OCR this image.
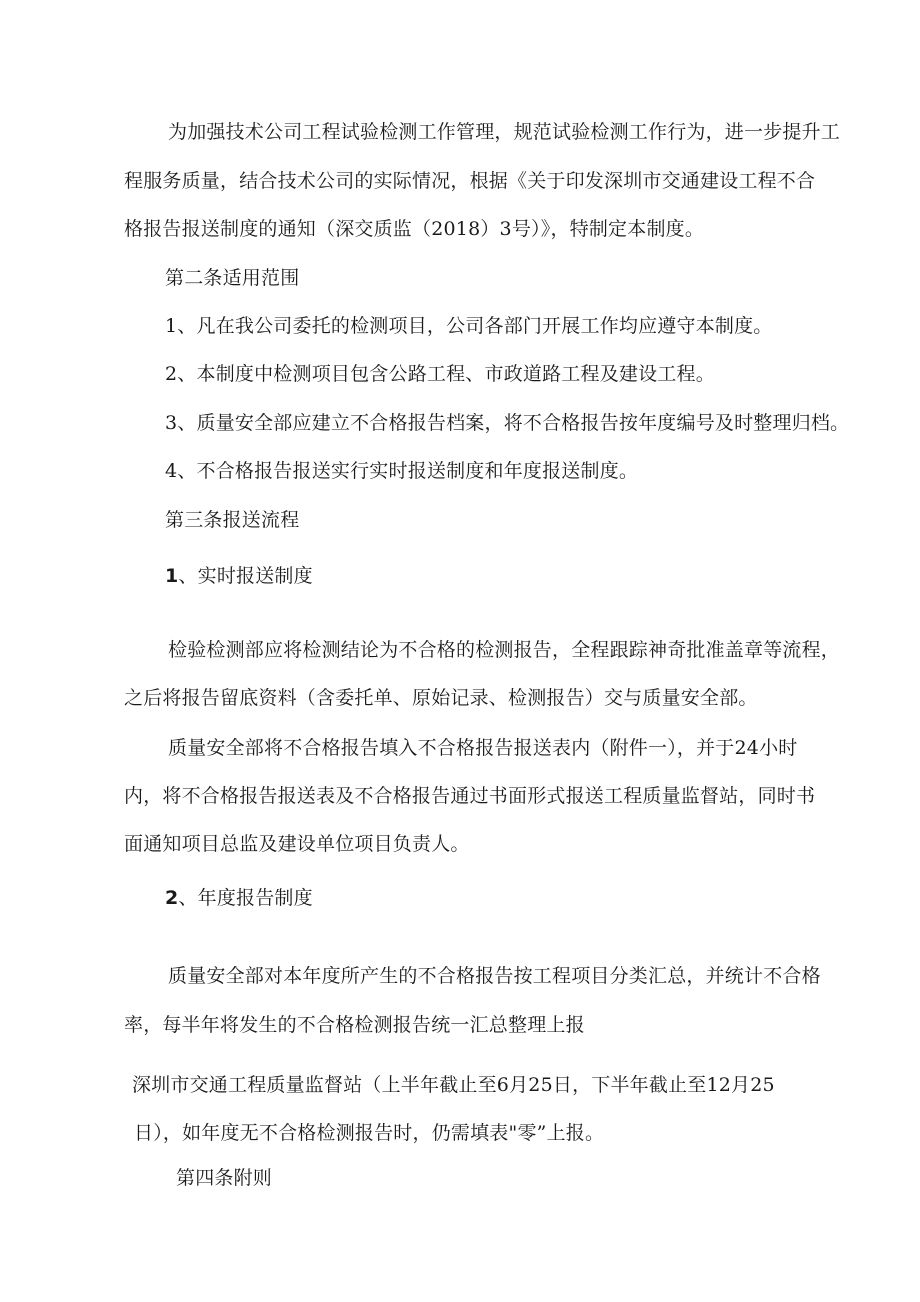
为加强技术公司工程试验检测工作管理，规范试验检测工作行为，进一步提升工
程服务质量，结合技术公司的实际情况，根据《关于印发深圳市交通建设工程不合
格报告报送制度的通知（深交质监（2018）3号）》，特制定本制度。
第二条适用范围
1、凡在我公司委托的检测项目，公司各部门开展工作均应遵守本制度。
2、本制度中检测项目包含公路工程、市政道路工程及建设工程。
3、质量安全部应建立不合格报告档案，将不合格报告按年度编号及时整理归档。
4、不合格报告报送实行实时报送制度和年度报送制度。
第三条报送流程
1、实时报送制度
检验检测部应将检测结论为不合格的检测报告，全程跟踪神奇批准盖章等流程，
之后将报告留底资料（含委托单、原始记录、检测报告）交与质量安全部。
质量安全部将不合格报告填入不合格报告报送表内（附件一），并于24小时
内，将不合格报告报送表及不合格报告通过书面形式报送工程质量监督站，同时书
面通知项目总监及建设单位项目负责人。
2、年度报告制度
质量安全部对本年度所产生的不合格报告按工程项目分类汇总，并统计不合格
率，每半年将发生的不合格检测报告统一汇总整理上报
深圳市交通工程质量监督站（上半年截止至6月25日，下半年截止至12月25
日），如年度无不合格检测报告时，仍需填表"零”上报。
第四条附则
